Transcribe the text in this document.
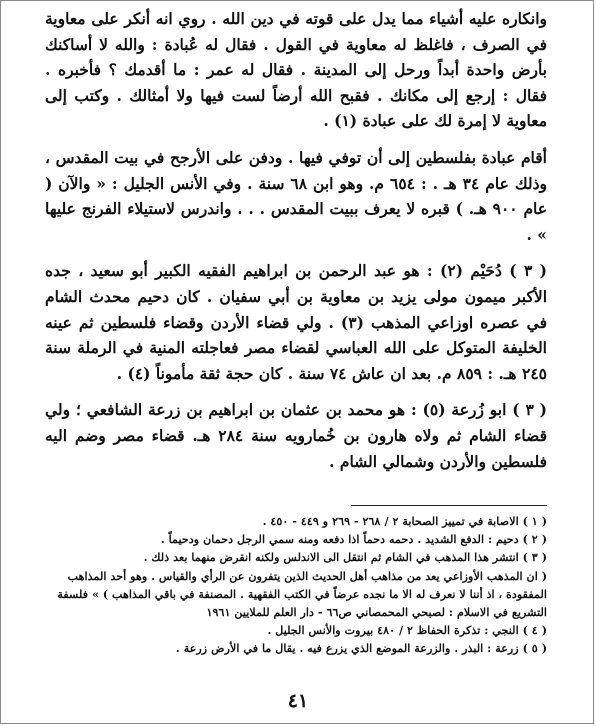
وانكاره عليه أشياء مما يدل على قوته في دين الله . روي انه أنكر على معاوية في الصرف ، فاغلظ له معاوية في القول . فقال له عُبادة : والله لا أساكنك بأرض واحدة أبداً ورحل إلى المدينة . فقال له عمر : ما أقدمك ؟ فأخبره . فقال : إرجع إلى مكانك . فقبح الله أرضاً لست فيها ولا أمثالك . وكتب إلى معاوية لا إمرة لك على عبادة (١) .

أقام عبادة بفلسطين إلى أن توفي فيها . ودفن على الأرجح في بيت المقدس ، وذلك عام ٣٤ هـ . : ٦٥٤ م. وهو ابن ٦٨ سنة . وفي الأنس الجليل : « والآن ( عام ٩٠٠ هـ. ) قبره لا يعرف ببيت المقدس . . . واندرس لاستيلاء الفرنج عليها » .

( ٣ ) دُحَيْم (٢) : هو عبد الرحمن بن ابراهيم الفقيه الكبير أبو سعيد ، جده الأكبر ميمون مولى يزيد بن معاوية بن أبي سفيان . كان دحيم محدث الشام في عصره اوزاعي المذهب (٣) . ولي قضاء الأردن وقضاء فلسطين ثم عينه الخليفة المتوكل على الله العباسي لقضاء مصر فعاجلته المنية في الرملة سنة ٢٤٥ هـ. : ٨٥٩ م. بعد ان عاش ٧٤ سنة . كان حجة ثقة مأموناً (٤) .

( ٣ ) ابو زُرعة (٥) : هو محمد بن عثمان بن ابراهيم بن زرعة الشافعي ؛ ولي قضاء الشام ثم ولاه هارون بن خُمارويه سنة ٢٨٤ هـ. قضاء مصر وضم اليه فلسطين والأردن وشمالي الشام .

( ١ ) الاصابة في تمييز الصحابة ٢ / ٢٦٨ - ٢٦٩ و ٤٤٩ - ٤٥٠ .

( ٢ ) دحيم : الدفع الشديد . دحمه دحماً اذا دفعه ومنه سمي الرجل دحمان ودحيماً .

( ٣ ) انتشر هذا المذهب في الشام ثم انتقل الى الاندلس ولكنه انقرض منهما بعد ذلك .

( ان المذهب الأوزاعي يعد من مذاهب أهل الحديث الذين يتفرون عن الرأي والقياس . وهو أحد المذاهب المفقودة ، اذ أننا لا نعرف له الا ما نجده عرضاً في الكتب الفقهية . المصنفة في باقي المذاهب ) » فلسفة التشريع في الاسلام : لصبحي المحمصاني ص٦٦ - دار العلم للملايين ١٩٦١

( ٤ ) النجي : تذكرة الحفاظ ٢ / ٤٨٠ بيروت والأنس الجليل .

( ٥ ) زرعة : البذر . والزرعة الموضع الذي يزرع فيه . يقال ما في الأرض زرعة .

٤١
